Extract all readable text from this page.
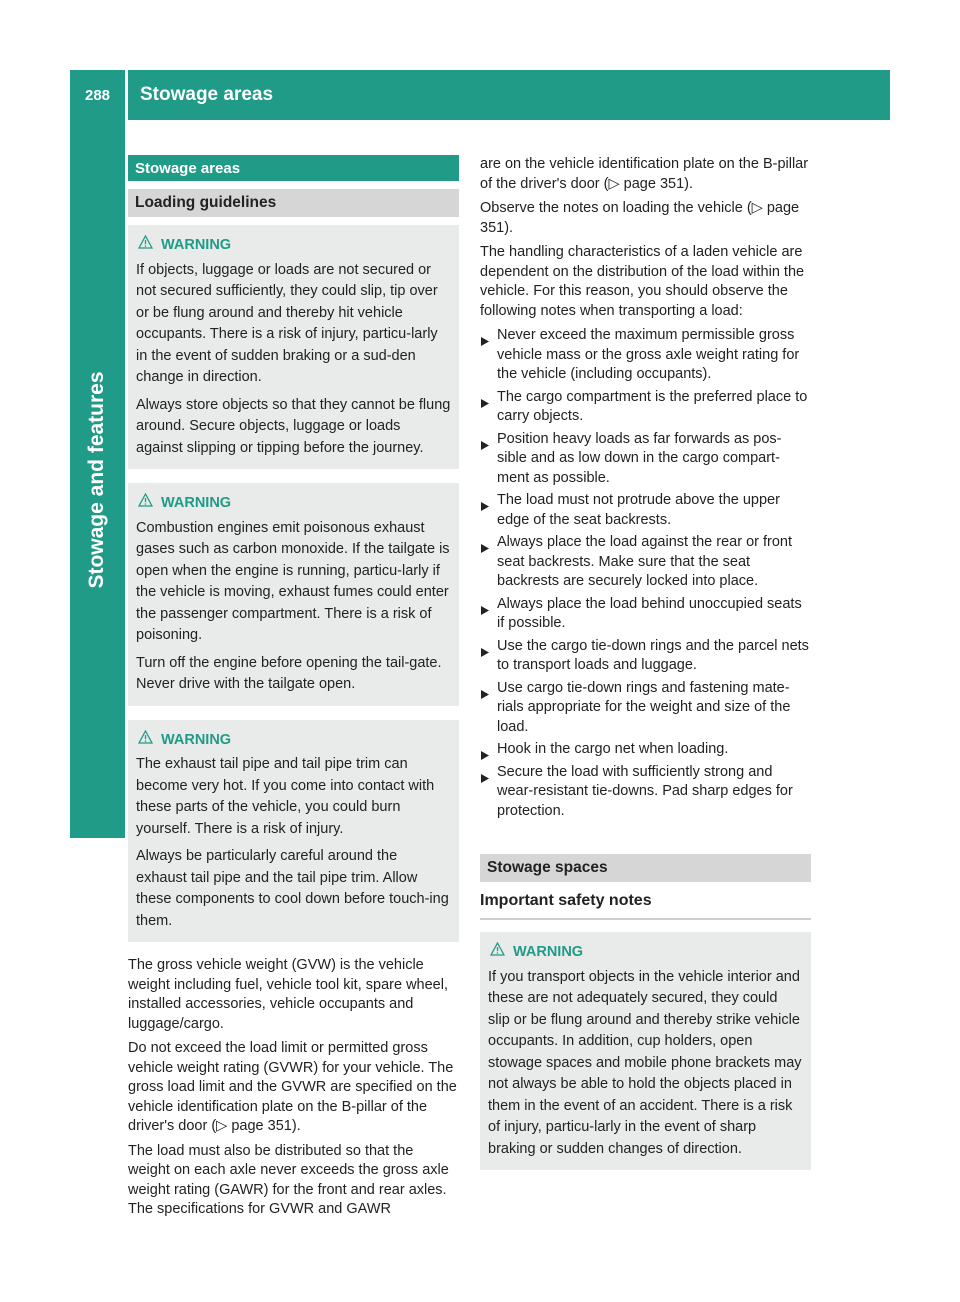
288	Stowage areas
Stowage and features
Stowage areas
Loading guidelines
WARNING

If objects, luggage or loads are not secured or not secured sufficiently, they could slip, tip over or be flung around and thereby hit vehicle occupants. There is a risk of injury, particu-larly in the event of sudden braking or a sud-den change in direction.

Always store objects so that they cannot be flung around. Secure objects, luggage or loads against slipping or tipping before the journey.

WARNING

Combustion engines emit poisonous exhaust gases such as carbon monoxide. If the tailgate is open when the engine is running, particu-larly if the vehicle is moving, exhaust fumes could enter the passenger compartment. There is a risk of poisoning.

Turn off the engine before opening the tail-gate. Never drive with the tailgate open.

WARNING

The exhaust tail pipe and tail pipe trim can become very hot. If you come into contact with these parts of the vehicle, you could burn yourself. There is a risk of injury.

Always be particularly careful around the exhaust tail pipe and the tail pipe trim. Allow these components to cool down before touch-ing them.

The gross vehicle weight (GVW) is the vehicle weight including fuel, vehicle tool kit, spare wheel, installed accessories, vehicle occupants and luggage/cargo.

Do not exceed the load limit or permitted gross vehicle weight rating (GVWR) for your vehicle. The gross load limit and the GVWR are specified on the vehicle identification plate on the B-pillar of the driver's door (▷ page 351).

The load must also be distributed so that the weight on each axle never exceeds the gross axle weight rating (GAWR) for the front and rear axles. The specifications for GVWR and GAWR

are on the vehicle identification plate on the B-pillar of the driver's door (▷ page 351).

Observe the notes on loading the vehicle (▷ page 351).

The handling characteristics of a laden vehicle are dependent on the distribution of the load within the vehicle. For this reason, you should observe the following notes when transporting a load:

Never exceed the maximum permissible gross vehicle mass or the gross axle weight rating for the vehicle (including occupants).
The cargo compartment is the preferred place to carry objects.
Position heavy loads as far forwards as pos-sible and as low down in the cargo compart-ment as possible.
The load must not protrude above the upper edge of the seat backrests.
Always place the load against the rear or front seat backrests. Make sure that the seat backrests are securely locked into place.
Always place the load behind unoccupied seats if possible.
Use the cargo tie-down rings and the parcel nets to transport loads and luggage.
Use cargo tie-down rings and fastening mate-rials appropriate for the weight and size of the load.
Hook in the cargo net when loading.
Secure the load with sufficiently strong and wear-resistant tie-downs. Pad sharp edges for protection.
Stowage spaces
Important safety notes
WARNING

If you transport objects in the vehicle interior and these are not adequately secured, they could slip or be flung around and thereby strike vehicle occupants. In addition, cup holders, open stowage spaces and mobile phone brackets may not always be able to hold the objects placed in them in the event of an accident. There is a risk of injury, particu-larly in the event of sharp braking or sudden changes of direction.
